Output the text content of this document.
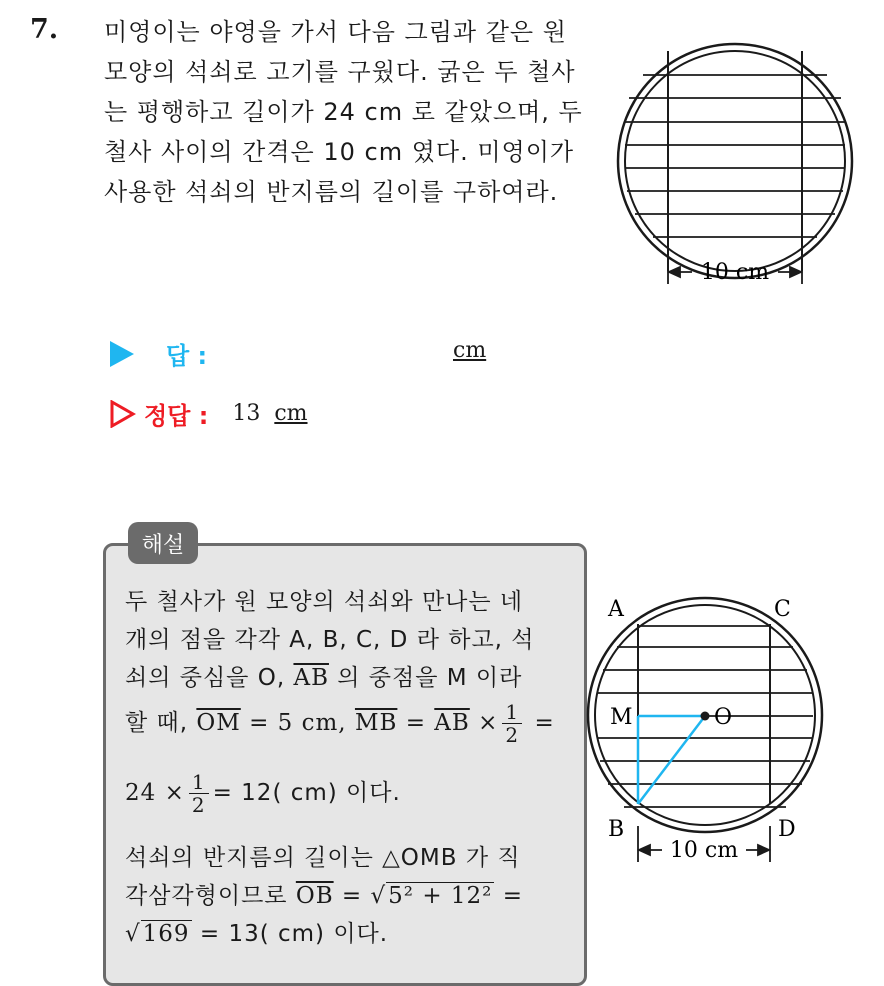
7. 미영이는 야영을 가서 다음 그림과 같은 원
모양의 석쇠로 고기를 구웠다. 굵은 두 철사
는 평행하고 길이가 24 cm 로 같았으며, 두
철사 사이의 간격은 10 cm 였다. 미영이가
사용한 석쇠의 반지름의 길이를 구하여라.
10 cm
답 :	cm
정답 : 13 cm
해설
두 철사가 원 모양의 석쇠와 만나는 네
개의 점을 각각 A, B, C, D 라 하고, 석
쇠의 중심을 O, $\overline{AB}$ 의 중점을 M 이라
할 때, $\overline{OM} = 5$ cm, $\overline{MB} = \overline{AB} \times \frac{1}{2}$ =
$24 \times \frac{1}{2} = 12$( cm) 이다.
석쇠의 반지름의 길이는 △OMB 가 직
각삼각형이므로 $\overline{OB} = √5^2 + 12^2$ =
√169 = 13( cm) 이다.
A	C
M	O
B	D
10 cm
